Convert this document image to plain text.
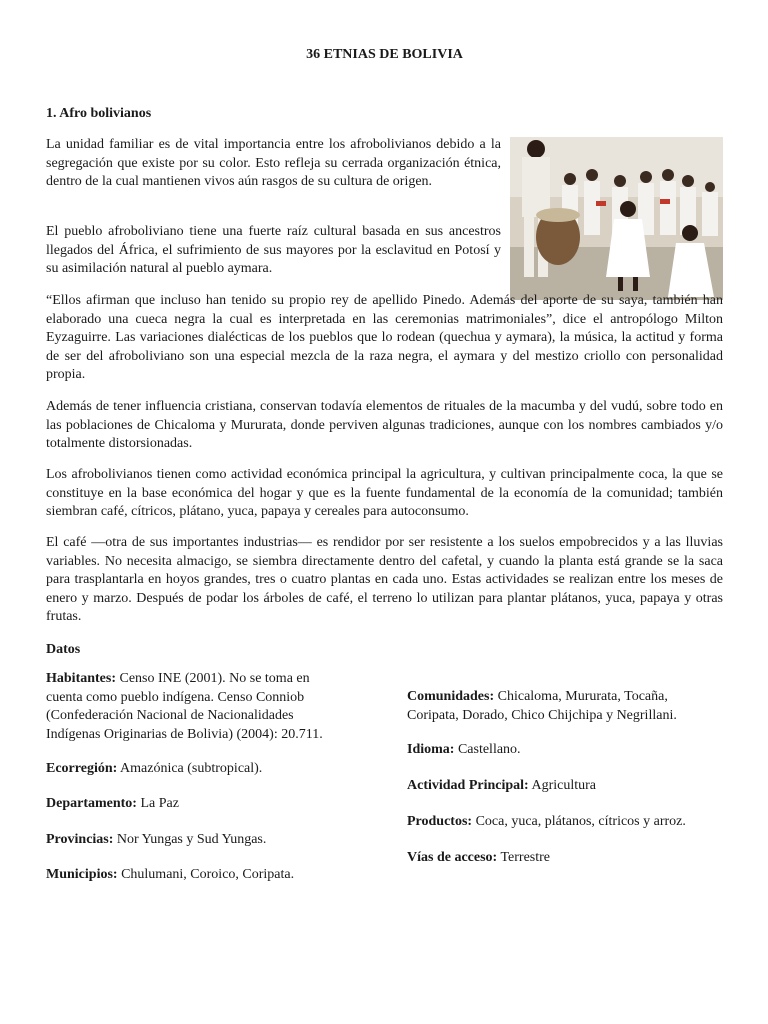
36 ETNIAS DE BOLIVIA
1. Afro bolivianos

La unidad familiar es de vital importancia entre los afrobolivianos debido a la segregación que existe por su color. Esto refleja su cerrada organización étnica, dentro de la cual mantienen vivos aún rasgos de su cultura de origen.

El pueblo afroboliviano tiene una fuerte raíz cultural basada en sus ancestros llegados del África, el sufrimiento de sus mayores por la esclavitud en Potosí y su asimilación natural al pueblo aymara.

“Ellos afirman que incluso han tenido su propio rey de apellido Pinedo. Además del aporte de su saya, también han elaborado una cueca negra la cual es interpretada en las ceremonias matrimoniales”, dice el antropólogo Milton Eyzaguirre. Las variaciones dialécticas de los pueblos que lo rodean (quechua y aymara), la música, la actitud y forma de ser del afroboliviano son una especial mezcla de la raza negra, el aymara y del mestizo criollo con personalidad propia.

Además de tener influencia cristiana, conservan todavía elementos de rituales de la macumba y del vudú, sobre todo en las poblaciones de Chicaloma y Mururata, donde perviven algunas tradiciones, aunque con los nombres cambiados y/o totalmente distorsionadas.

Los afrobolivianos tienen como actividad económica principal la agricultura, y cultivan principalmente coca, la que se constituye en la base económica del hogar y que es la fuente fundamental de la economía de la comunidad; también siembran café, cítricos, plátano, yuca, papaya y cereales para autoconsumo.

El café —otra de sus importantes industrias— es rendidor por ser resistente a los suelos empobrecidos y a las lluvias variables. No necesita almacigo, se siembra directamente dentro del cafetal, y cuando la planta está grande se la saca para trasplantarla en hoyos grandes, tres o cuatro plantas en cada uno. Estas actividades se realizan entre los meses de enero y marzo. Después de podar los árboles de café, el terreno lo utilizan para plantar plátanos, yuca, papaya y otras frutas.

Datos

Habitantes: Censo INE (2001). No se toma en cuenta como pueblo indígena. Censo Conniob (Confederación Nacional de Nacionalidades Indígenas Originarias de Bolivia) (2004): 20.711.

Ecorregión: Amazónica (subtropical).

Departamento: La Paz

Provincias: Nor Yungas y Sud Yungas.

Municipios: Chulumani, Coroico, Coripata.

Comunidades: Chicaloma, Mururata, Tocaña, Coripata, Dorado, Chico Chijchipa y Negrillani.

Idioma: Castellano.

Actividad Principal: Agricultura

Productos: Coca, yuca, plátanos, cítricos y arroz.

Vías de acceso: Terrestre
